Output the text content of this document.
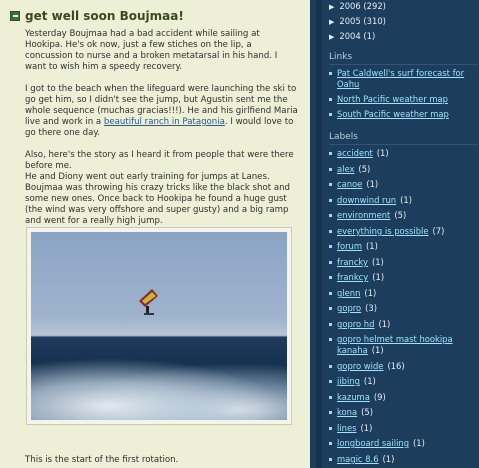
get well soon Boujmaa!

Yesterday Boujmaa had a bad accident while sailing at Hookipa. He's ok now, just a few stiches on the lip, a concussion to nurse and a broken metatarsal in his hand. I want to wish him a speedy recovery.

I got to the beach when the lifeguard were launching the ski to go get him, so I didn't see the jump, but Agustin sent me the whole sequence (muchas gracias!!!). He and his girlfiend Maria live and work in a beautiful ranch in Patagonia. I would love to go there one day.

Also, here's the story as I heard it from people that were there before me.

He and Diony went out early training for jumps at Lanes. Boujmaa was throwing his crazy tricks like the black shot and some new ones. Once back to Hookipa he found a huge gust (the wind was very offshore and super gusty) and a big ramp and went for a really high jump.

This is the start of the first rotation.
▶ 2006 (292)
▶ 2005 (310)
▶ 2004 (1)
Links
Pat Caldwell's surf forecast for Oahu
North Pacific weather map
South Pacific weather map
Labels
accident (1)
alex (5)
canoe (1)
downwind run (1)
environment (5)
everything is possible (7)
forum (1)
francky (1)
frankcy (1)
glenn (1)
gopro (3)
gopro hd (1)
gopro helmet mast hookipa kanaha (1)
gopro wide (16)
jibing (1)
kazuma (9)
kona (5)
lines (1)
longboard sailing (1)
magic 8.6 (1)
